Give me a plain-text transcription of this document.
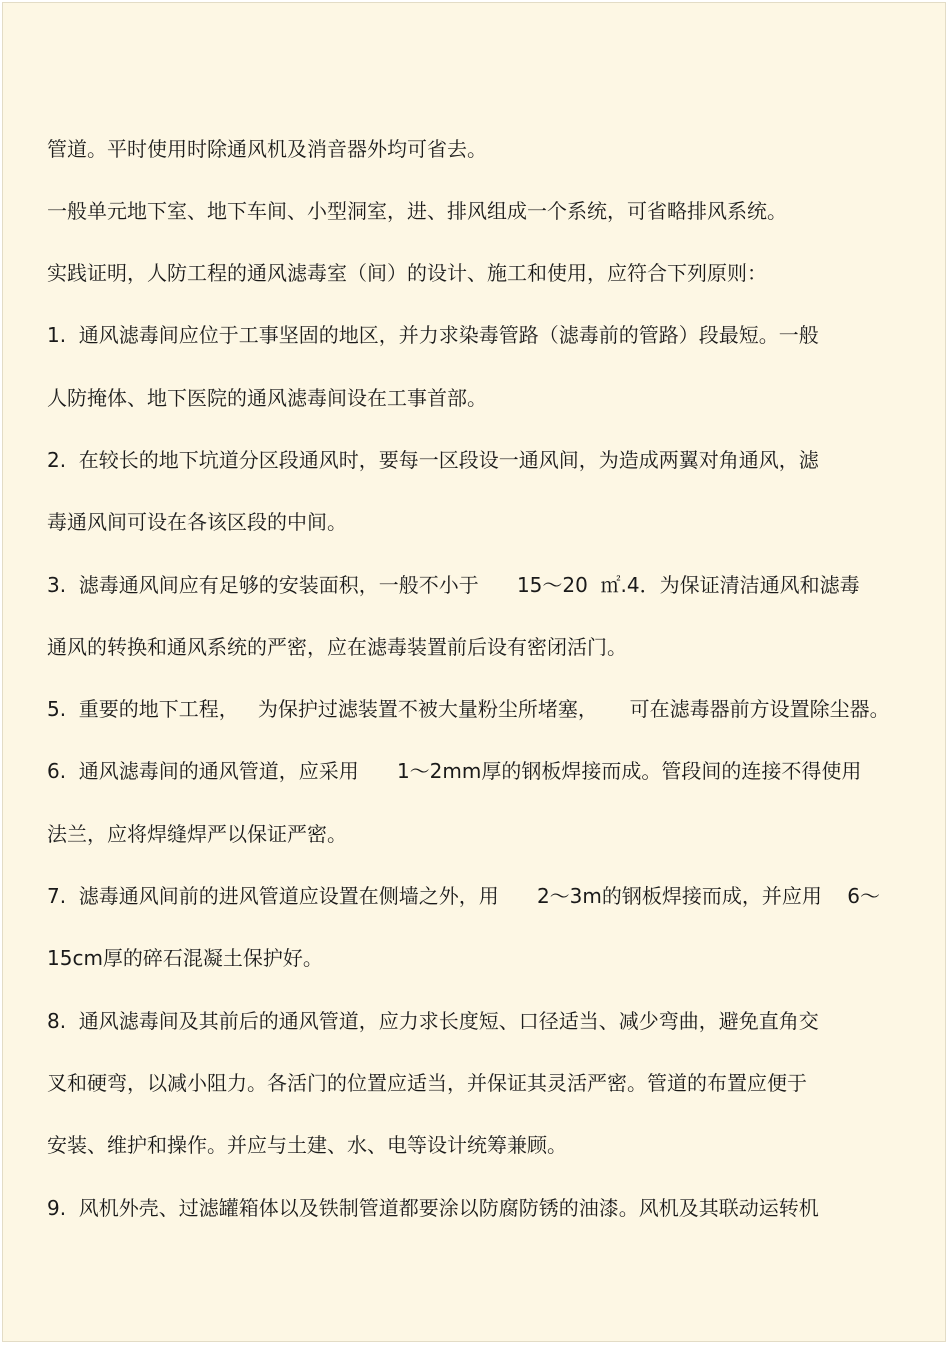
管道。平时使用时除通风机及消音器外均可省去。

一般单元地下室、地下车间、小型洞室，进、排风组成一个系统，可省略排风系统。

实践证明，人防工程的通风滤毒室（间）的设计、施工和使用，应符合下列原则：

1.  通风滤毒间应位于工事坚固的地区，并力求染毒管路（滤毒前的管路）段最短。一般

人防掩体、地下医院的通风滤毒间设在工事首部。

2.  在较长的地下坑道分区段通风时，要每一区段设一通风间，为造成两翼对角通风，滤

毒通风间可设在各该区段的中间。

3.  滤毒通风间应有足够的安装面积，一般不小于      15～20  ㎡.4．为保证清洁通风和滤毒

通风的转换和通风系统的严密，应在滤毒装置前后设有密闭活门。

5.  重要的地下工程，   为保护过滤装置不被大量粉尘所堵塞，     可在滤毒器前方设置除尘器。

6.  通风滤毒间的通风管道，应采用      1～2mm厚的钢板焊接而成。管段间的连接不得使用

法兰，应将焊缝焊严以保证严密。

7.  滤毒通风间前的进风管道应设置在侧墙之外，用      2～3m的钢板焊接而成，并应用    6～

15cm厚的碎石混凝土保护好。

8.  通风滤毒间及其前后的通风管道，应力求长度短、口径适当、减少弯曲，避免直角交

叉和硬弯，以减小阻力。各活门的位置应适当，并保证其灵活严密。管道的布置应便于

安装、维护和操作。并应与土建、水、电等设计统筹兼顾。

9.  风机外壳、过滤罐箱体以及铁制管道都要涂以防腐防锈的油漆。风机及其联动运转机
